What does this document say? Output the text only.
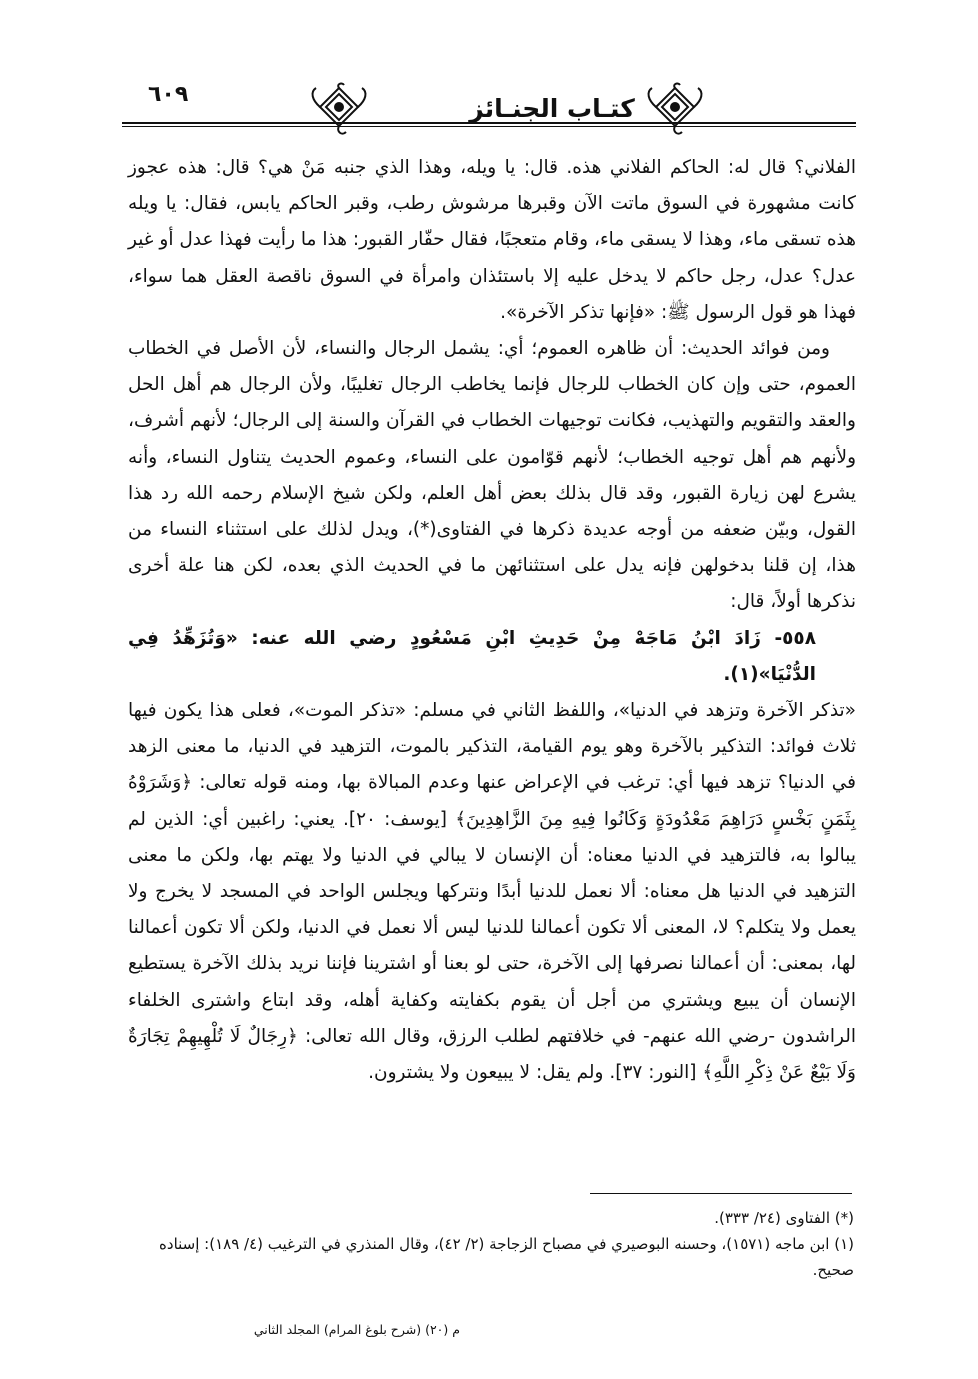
٦٠٩	كتـاب الجنـائز

الفلاني؟ قال له: الحاكم الفلاني هذه. قال: يا ويله، وهذا الذي جنبه مَنْ هي؟ قال: هذه عجوز كانت مشهورة في السوق ماتت الآن وقبرها مرشوش رطب، وقبر الحاكم يابس، فقال: يا ويله هذه تسقى ماء، وهذا لا يسقى ماء، وقام متعجبًا، فقال حفّار القبور: هذا ما رأيت فهذا عدل أو غير عدل؟ عدل، رجل حاكم لا يدخل عليه إلا باستئذان وامرأة في السوق ناقصة العقل هما سواء، فهذا هو قول الرسول ﷺ: «فإنها تذكر الآخرة».

ومن فوائد الحديث: أن ظاهره العموم؛ أي: يشمل الرجال والنساء، لأن الأصل في الخطاب العموم، حتى وإن كان الخطاب للرجال فإنما يخاطب الرجال تغليبًا، ولأن الرجال هم أهل الحل والعقد والتقويم والتهذيب، فكانت توجيهات الخطاب في القرآن والسنة إلى الرجال؛ لأنهم أشرف، ولأنهم هم أهل توجيه الخطاب؛ لأنهم قوّامون على النساء، وعموم الحديث يتناول النساء، وأنه يشرع لهن زيارة القبور، وقد قال بذلك بعض أهل العلم، ولكن شيخ الإسلام رحمه الله رد هذا القول، وبيّن ضعفه من أوجه عديدة ذكرها في الفتاوى(*)، ويدل لذلك على استثناء النساء من هذا، إن قلنا بدخولهن فإنه يدل على استثنائهن ما في الحديث الذي بعده، لكن هنا علة أخرى نذكرها أولاً، قال:

٥٥٨- زَادَ ابْنُ مَاجَهْ مِنْ حَدِيثِ ابْنِ مَسْعُودٍ رضي الله عنه: «وَتُزَهِّدُ فِي الدُّنْيَا»(١).

«تذكر الآخرة وتزهد في الدنيا»، واللفظ الثاني في مسلم: «تذكر الموت»، فعلى هذا يكون فيها ثلاث فوائد: التذكير بالآخرة وهو يوم القيامة، التذكير بالموت، التزهيد في الدنيا، ما معنى الزهد في الدنيا؟ تزهد فيها أي: ترغب في الإعراض عنها وعدم المبالاة بها، ومنه قوله تعالى: ﴿وَشَرَوْهُ بِثَمَنٍ بَخْسٍ دَرَاهِمَ مَعْدُودَةٍ وَكَانُوا فِيهِ مِنَ الزَّاهِدِينَ﴾ [يوسف: ٢٠]. يعني: راغبين أي: الذين لم يبالوا به، فالتزهيد في الدنيا معناه: أن الإنسان لا يبالي في الدنيا ولا يهتم بها، ولكن ما معنى التزهيد في الدنيا هل معناه: ألا نعمل للدنيا أبدًا ونتركها ويجلس الواحد في المسجد لا يخرج ولا يعمل ولا يتكلم؟ لا، المعنى ألا تكون أعمالنا للدنيا ليس ألا نعمل في الدنيا، ولكن ألا تكون أعمالنا لها، بمعنى: أن أعمالنا نصرفها إلى الآخرة، حتى لو بعنا أو اشترينا فإننا نريد بذلك الآخرة يستطيع الإنسان أن يبيع ويشتري من أجل أن يقوم بكفايته وكفاية أهله، وقد ابتاع واشترى الخلفاء الراشدون -رضي الله عنهم- في خلافتهم لطلب الرزق، وقال الله تعالى: ﴿رِجَالٌ لَا تُلْهِيهِمْ تِجَارَةٌ وَلَا بَيْعٌ عَنْ ذِكْرِ اللَّهِ﴾ [النور: ٣٧]. ولم يقل: لا يبيعون ولا يشترون.

(*) الفتاوى (٢٤/ ٣٣٣).

(١) ابن ماجه (١٥٧١)، وحسنه البوصيري في مصباح الزجاجة (٢/ ٤٢)، وقال المنذري في الترغيب (٤/ ١٨٩): إسناده

صحيح.

م (٢٠) (شرح بلوغ المرام) المجلد الثاني
